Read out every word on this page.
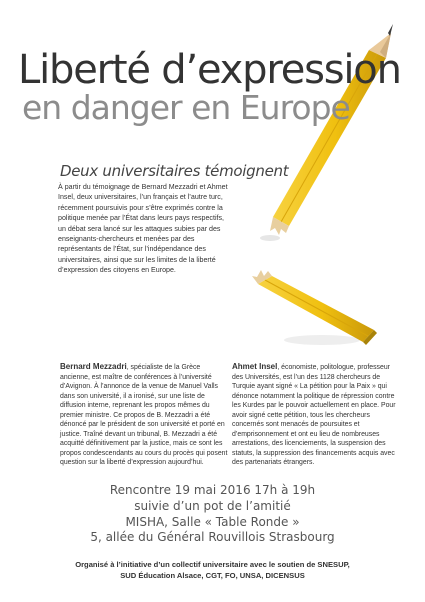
Liberté d’expression
en danger en Europe
Deux universitaires témoignent
À partir du témoignage de Bernard Mezzadri et Ahmet Insel, deux universitaires, l’un français et l’autre turc, récemment poursuivis pour s’être exprimés contre la politique menée par l’État dans leurs pays respectifs, un débat sera lancé sur les attaques subies par des enseignants-chercheurs et menées par des représentants de l’État, sur l’indépendance des universitaires, ainsi que sur les limites de la liberté d’expression des citoyens en Europe.
Bernard Mezzadri, spécialiste de la Grèce ancienne, est maître de conférences à l’université d’Avignon. À l’annonce de la venue de Manuel Valls dans son université, il a ironisé, sur une liste de diffusion interne, reprenant les propos mêmes du premier ministre. Ce propos de B. Mezzadri a été dénoncé par le président de son université et porté en justice. Traîné devant un tribunal, B. Mezzadri a été acquitté définitivement par la justice, mais ce sont les propos condescendants au cours du procès qui posent question sur la liberté d’expression aujourd’hui.
Ahmet Insel, économiste, politologue, professeur des Universités, est l’un des 1128 chercheurs de Turquie ayant signé « La pétition pour la Paix » qui dénonce notamment la politique de répression contre les Kurdes par le pouvoir actuellement en place. Pour avoir signé cette pétition, tous les chercheurs concernés sont menacés de poursuites et d’emprisonnement et ont eu lieu de nombreuses arrestations, des licenciements, la suspension des statuts, la suppression des financements acquis avec des partenariats étrangers.
Rencontre 19 mai 2016 17h à 19h
suivie d’un pot de l’amitié
MISHA, Salle « Table Ronde »
5, allée du Général Rouvillois Strasbourg
Organisé à l’initiative d’un collectif universitaire avec le soutien de SNESUP,
SUD Éducation Alsace, CGT, FO, UNSA, DICENSUS
